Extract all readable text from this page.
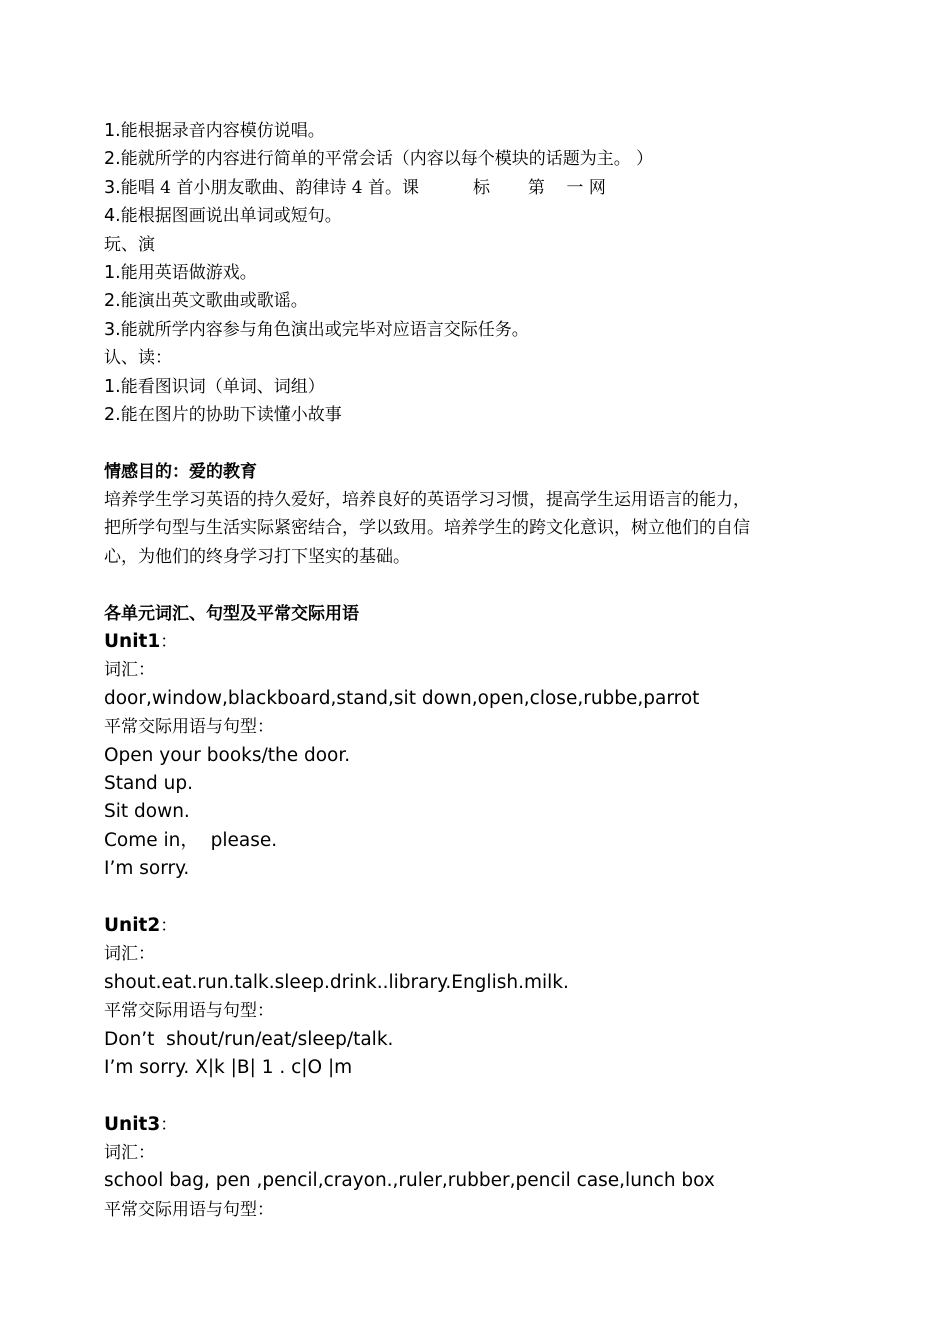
1.能根据录音内容模仿说唱。
2.能就所学的内容进行简单的平常会话（内容以每个模块的话题为主。 ）
3.能唱 4 首小朋友歌曲、韵律诗 4 首。课          标       第    一 网
4.能根据图画说出单词或短句。
玩、演
1.能用英语做游戏。
2.能演出英文歌曲或歌谣。
3.能就所学内容参与角色演出或完毕对应语言交际任务。
认、读：
1.能看图识词（单词、词组）
2.能在图片的协助下读懂小故事
情感目的：爱的教育
培养学生学习英语的持久爱好，培养良好的英语学习习惯，提高学生运用语言的能力，
把所学句型与生活实际紧密结合，学以致用。培养学生的跨文化意识，树立他们的自信
心，为他们的终身学习打下坚实的基础。
各单元词汇、句型及平常交际用语
Unit1：
词汇：
door,window,blackboard,stand,sit down,open,close,rubbe,parrot
平常交际用语与句型：
Open your books/the door.
Stand up.
Sit down.
Come in，  please.
I’m sorry.
Unit2：
词汇：
shout.eat.run.talk.sleep.drink..library.English.milk.
平常交际用语与句型：
Don’t  shout/run/eat/sleep/talk.
I’m sorry. X|k |B| 1 . c|O |m
Unit3：
词汇：
school bag, pen ,pencil,crayon.,ruler,rubber,pencil case,lunch box
平常交际用语与句型：
